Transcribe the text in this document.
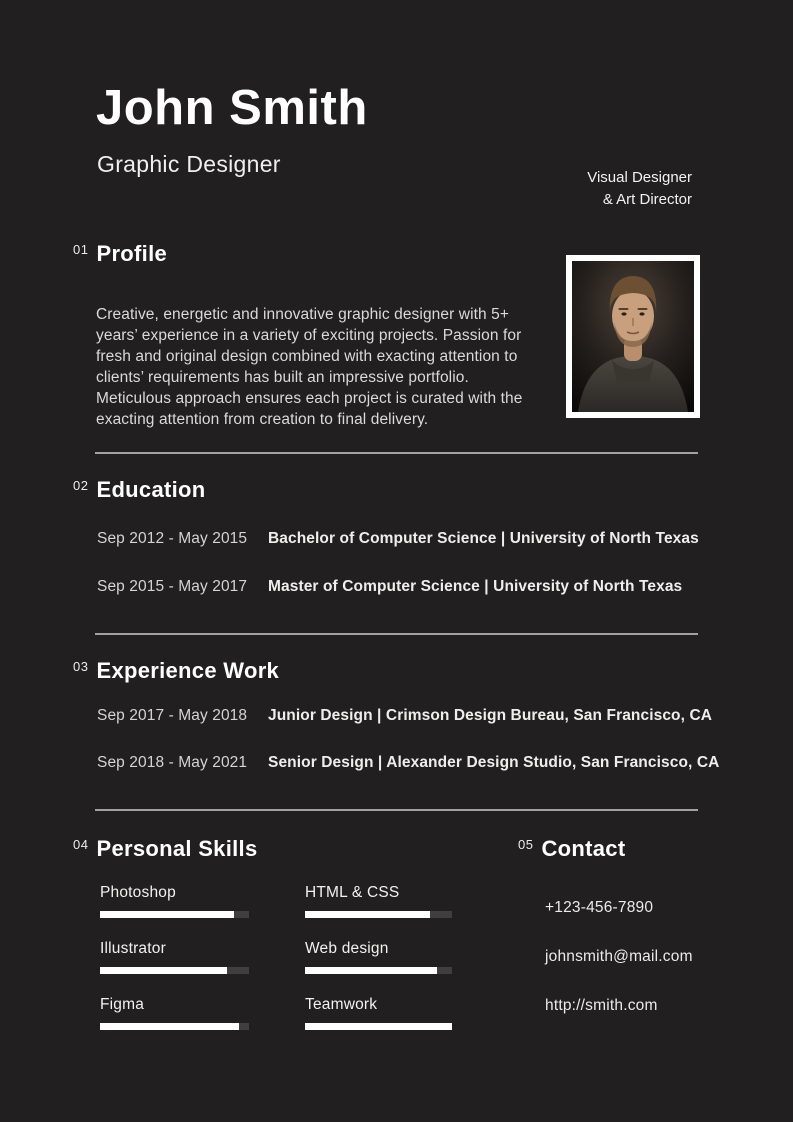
John Smith
Graphic Designer
Visual Designer
& Art Director
01 Profile

Creative, energetic and innovative graphic designer with 5+ years’ experience in a variety of exciting projects. Passion for fresh and original design combined with exacting attention to clients’ requirements has built an impressive portfolio. Meticulous approach ensures each project is curated with the exacting attention from creation to final delivery.

02 Education
Sep 2012 - May 2015 Bachelor of Computer Science | University of North Texas
Sep 2015 - May 2017 Master of Computer Science | University of North Texas
03 Experience Work
Sep 2017 - May 2018 Junior Design | Crimson Design Bureau, San Francisco, CA
Sep 2018 - May 2021 Senior Design | Alexander Design Studio, San Francisco, CA
04 Personal Skills
Photoshop	HTML & CSS
Illustrator	Web design
Figma	Teamwork
05 Contact
+123-456-7890
johnsmith@mail.com
http://smith.com
